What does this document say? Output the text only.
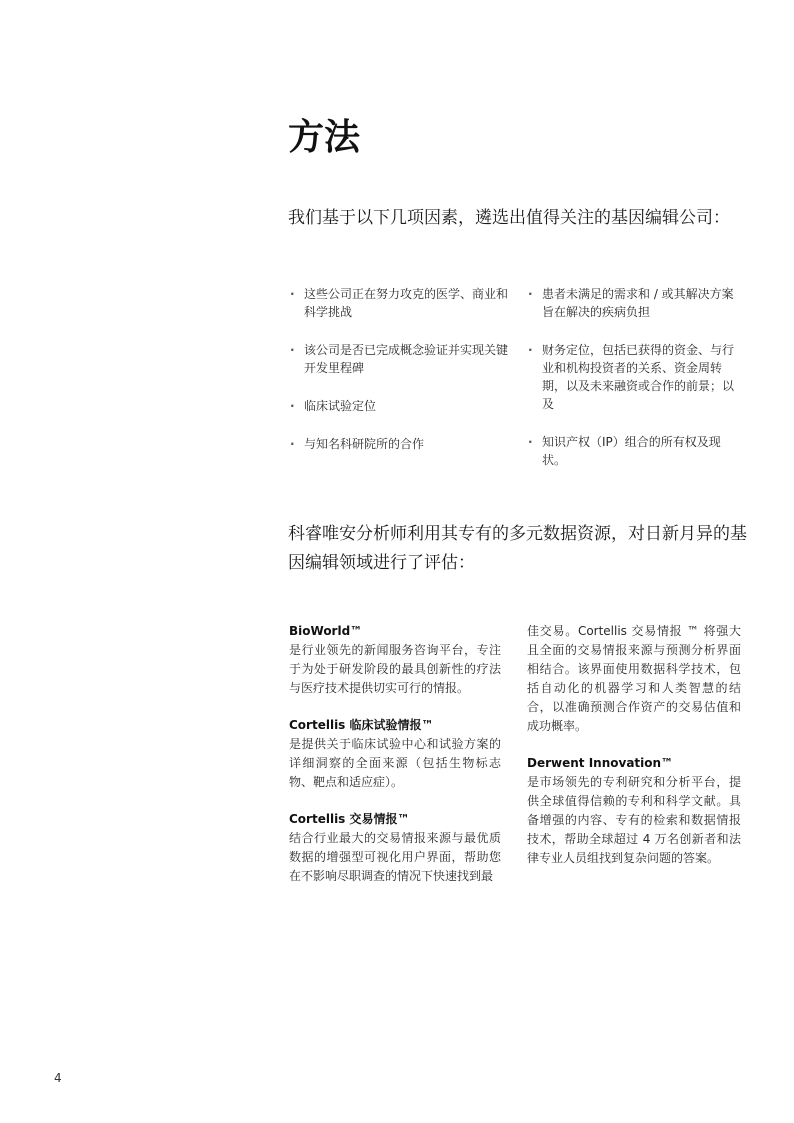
方法

我们基于以下几项因素，遴选出值得关注的基因编辑公司：

· 这些公司正在努力攻克的医学、商业和科学挑战
· 该公司是否已完成概念验证并实现关键开发里程碑
· 临床试验定位
· 与知名科研院所的合作
· 患者未满足的需求和 / 或其解决方案旨在解决的疾病负担
· 财务定位，包括已获得的资金、与行业和机构投资者的关系、资金周转期，以及未来融资或合作的前景；以及
· 知识产权（IP）组合的所有权及现状。

科睿唯安分析师利用其专有的多元数据资源，对日新月异的基因编辑领域进行了评估：

BioWorld™
是行业领先的新闻服务咨询平台，专注于为处于研发阶段的最具创新性的疗法与医疗技术提供切实可行的情报。
Cortellis 临床试验情报™
是提供关于临床试验中心和试验方案的详细洞察的全面来源（包括生物标志物、靶点和适应症）。
Cortellis 交易情报™
结合行业最大的交易情报来源与最优质数据的增强型可视化用户界面，帮助您在不影响尽职调查的情况下快速找到最
佳交易。Cortellis 交易情报 ™ 将强大且全面的交易情报来源与预测分析界面相结合。该界面使用数据科学技术，包括自动化的机器学习和人类智慧的结合，以准确预测合作资产的交易估值和成功概率。
Derwent Innovation™
是市场领先的专利研究和分析平台，提供全球值得信赖的专利和科学文献。具备增强的内容、专有的检索和数据情报技术，帮助全球超过 4 万名创新者和法律专业人员组找到复杂问题的答案。
4
